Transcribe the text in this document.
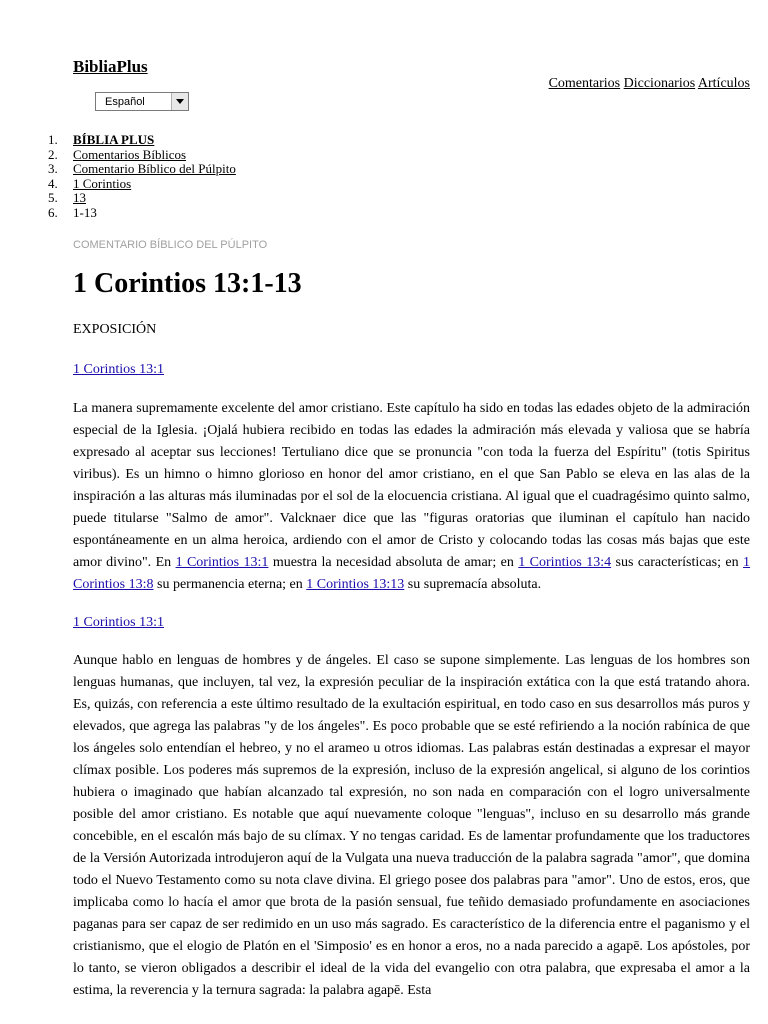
BibliaPlus
Comentarios Diccionarios Artículos
Español
1. BÍBLIA PLUS
2. Comentarios Bíblicos
3. Comentario Bíblico del Púlpito
4. 1 Corintios
5. 13
6. 1-13
COMENTARIO BÍBLICO DEL PÚLPITO
1 Corintios 13:1-13
EXPOSICIÓN
1 Corintios 13:1

La manera supremamente excelente del amor cristiano. Este capítulo ha sido en todas las edades objeto de la admiración especial de la Iglesia. ¡Ojalá hubiera recibido en todas las edades la admiración más elevada y valiosa que se habría expresado al aceptar sus lecciones! Tertuliano dice que se pronuncia "con toda la fuerza del Espíritu" (totis Spiritus viribus). Es un himno o himno glorioso en honor del amor cristiano, en el que San Pablo se eleva en las alas de la inspiración a las alturas más iluminadas por el sol de la elocuencia cristiana. Al igual que el cuadragésimo quinto salmo, puede titularse "Salmo de amor". Valcknaer dice que las "figuras oratorias que iluminan el capítulo han nacido espontáneamente en un alma heroica, ardiendo con el amor de Cristo y colocando todas las cosas más bajas que este amor divino". En 1 Corintios 13:1 muestra la necesidad absoluta de amar; en 1 Corintios 13:4 sus características; en 1 Corintios 13:8 su permanencia eterna; en 1 Corintios 13:13 su supremacía absoluta.

1 Corintios 13:1

Aunque hablo en lenguas de hombres y de ángeles. El caso se supone simplemente. Las lenguas de los hombres son lenguas humanas, que incluyen, tal vez, la expresión peculiar de la inspiración extática con la que está tratando ahora. Es, quizás, con referencia a este último resultado de la exultación espiritual, en todo caso en sus desarrollos más puros y elevados, que agrega las palabras "y de los ángeles". Es poco probable que se esté refiriendo a la noción rabínica de que los ángeles solo entendían el hebreo, y no el arameo u otros idiomas. Las palabras están destinadas a expresar el mayor clímax posible. Los poderes más supremos de la expresión, incluso de la expresión angelical, si alguno de los corintios hubiera o imaginado que habían alcanzado tal expresión, no son nada en comparación con el logro universalmente posible del amor cristiano. Es notable que aquí nuevamente coloque "lenguas", incluso en su desarrollo más grande concebible, en el escalón más bajo de su clímax. Y no tengas caridad. Es de lamentar profundamente que los traductores de la Versión Autorizada introdujeron aquí de la Vulgata una nueva traducción de la palabra sagrada "amor", que domina todo el Nuevo Testamento como su nota clave divina. El griego posee dos palabras para "amor". Uno de estos, eros, que implicaba como lo hacía el amor que brota de la pasión sensual, fue teñido demasiado profundamente en asociaciones paganas para ser capaz de ser redimido en un uso más sagrado. Es característico de la diferencia entre el paganismo y el cristianismo, que el elogio de Platón en el 'Simposio' es en honor a eros, no a nada parecido a agapē. Los apóstoles, por lo tanto, se vieron obligados a describir el ideal de la vida del evangelio con otra palabra, que expresaba el amor a la estima, la reverencia y la ternura sagrada: la palabra agapē. Esta
